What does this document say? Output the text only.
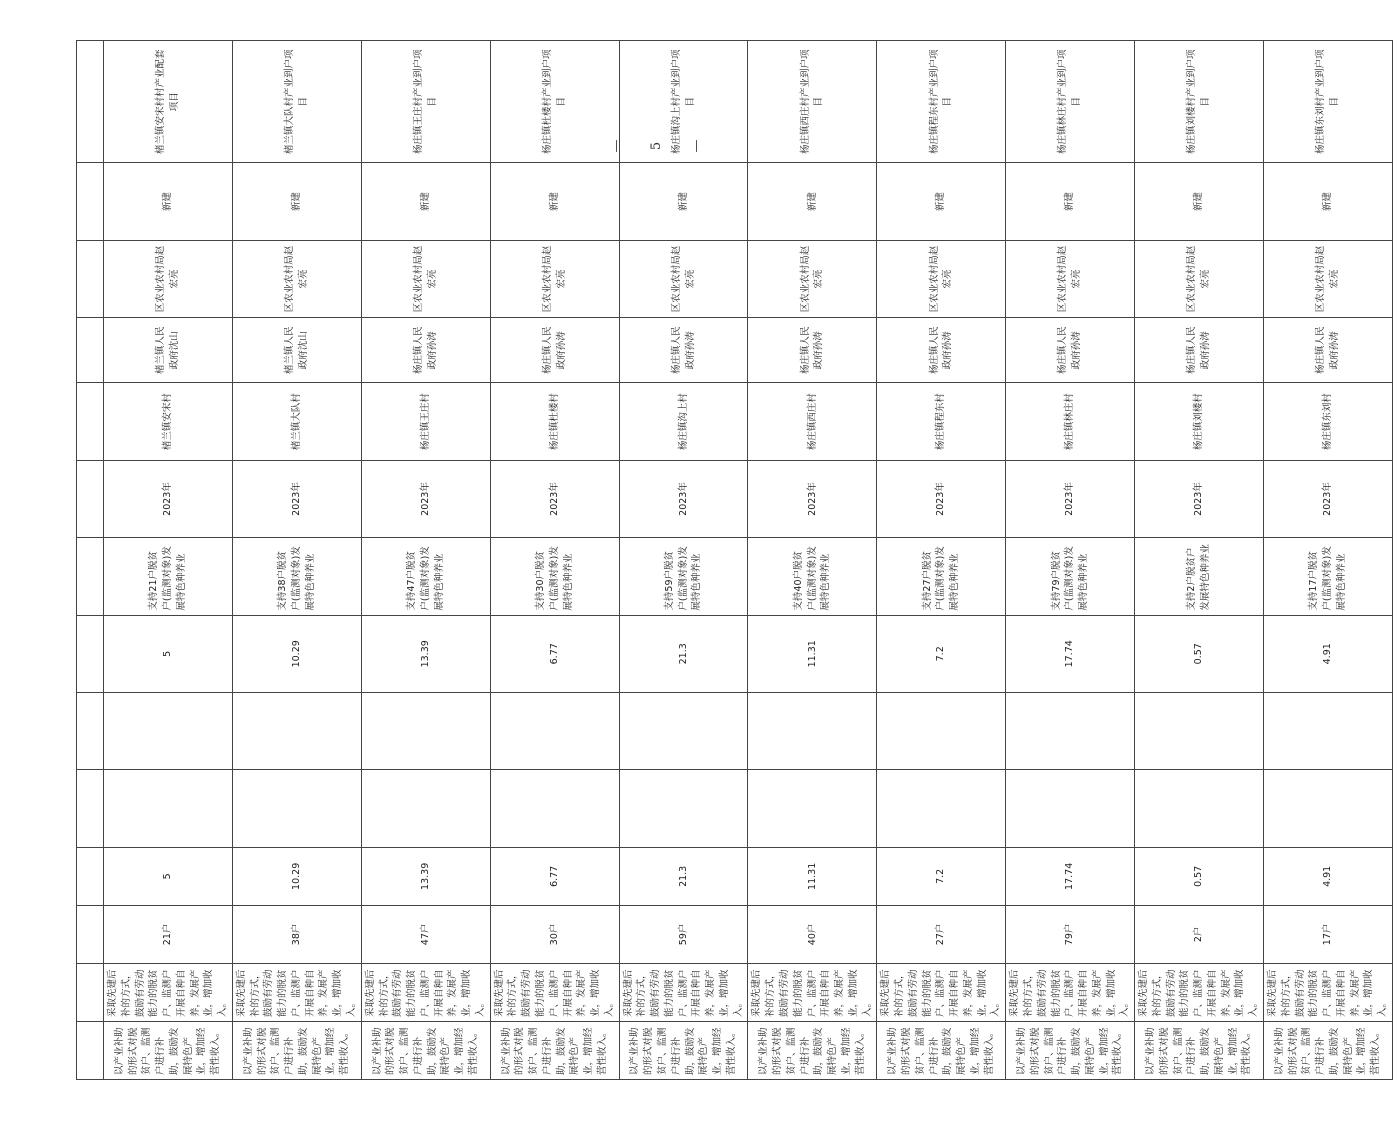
以产业补助的形式对脱贫户、监测户进行补助，鼓励发展特色产业，增加经营性收入。	采取先建后补的方式，鼓励有劳动能力的脱贫户、监测户开展自种自养，发展产业，增加收入。	21户	5			5	支持21户脱贫户(监测对象)发展特色种养业	2023年	楮兰镇安宋村	楮兰镇人民政府沈山	区农业农村局赵宏亮	新建	楮兰镇安宋村村产业配套项目
以产业补助的形式对脱贫户、监测户进行补助，鼓励发展特色产业，增加经营性收入。	采取先建后补的方式，鼓励有劳动能力的脱贫户、监测户开展自种自养，发展产业，增加收入。	38户	10.29			10.29	支持38户脱贫户(监测对象)发展特色种养业	2023年	楮兰镇大队村	楮兰镇人民政府沈山	区农业农村局赵宏亮	新建	楮兰镇大队村产业到户项目
以产业补助的形式对脱贫户、监测户进行补助，鼓励发展特色产业，增加经营性收入。	采取先建后补的方式，鼓励有劳动能力的脱贫户、监测户开展自种自养，发展产业，增加收入。	47户	13.39			13.39	支持47户脱贫户(监测对象)发展特色种养业	2023年	杨庄镇王庄村	杨庄镇人民政府孙涛	区农业农村局赵宏亮	新建	杨庄镇王庄村产业到户项目
以产业补助的形式对脱贫户、监测户进行补助，鼓励发展特色产业，增加经营性收入。	采取先建后补的方式，鼓励有劳动能力的脱贫户、监测户开展自种自养，发展产业，增加收入。	30户	6.77			6.77	支持30户脱贫户(监测对象)发展特色种养业	2023年	杨庄镇杜楼村	杨庄镇人民政府孙涛	区农业农村局赵宏亮	新建	杨庄镇杜楼村产业到户项目
以产业补助的形式对脱贫户、监测户进行补助，鼓励发展特色产业，增加经营性收入。	采取先建后补的方式，鼓励有劳动能力的脱贫户、监测户开展自种自养，发展产业，增加收入。	59户	21.3			21.3	支持59户脱贫户(监测对象)发展特色种养业	2023年	杨庄镇沟上村	杨庄镇人民政府孙涛	区农业农村局赵宏亮	新建	杨庄镇沟上村产业到户项目
以产业补助的形式对脱贫户、监测户进行补助，鼓励发展特色产业，增加经营性收入。	采取先建后补的方式，鼓励有劳动能力的脱贫户、监测户开展自种自养，发展产业，增加收入。	40户	11.31			11.31	支持40户脱贫户(监测对象)发展特色种养业	2023年	杨庄镇西庄村	杨庄镇人民政府孙涛	区农业农村局赵宏亮	新建	杨庄镇西庄村产业到户项目
以产业补助的形式对脱贫户、监测户进行补助，鼓励发展特色产业，增加经营性收入。	采取先建后补的方式，鼓励有劳动能力的脱贫户、监测户开展自种自养，发展产业，增加收入。	27户	7.2			7.2	支持27户脱贫户(监测对象)发展特色种养业	2023年	杨庄镇程东村	杨庄镇人民政府孙涛	区农业农村局赵宏亮	新建	杨庄镇程东村产业到户项目
以产业补助的形式对脱贫户、监测户进行补助，鼓励发展特色产业，增加经营性收入。	采取先建后补的方式，鼓励有劳动能力的脱贫户、监测户开展自种自养，发展产业，增加收入。	79户	17.74			17.74	支持79户脱贫户(监测对象)发展特色种养业	2023年	杨庄镇林庄村	杨庄镇人民政府孙涛	区农业农村局赵宏亮	新建	杨庄镇林庄村产业到户项目
以产业补助的形式对脱贫户、监测户进行补助，鼓励发展特色产业，增加经营性收入。	采取先建后补的方式，鼓励有劳动能力的脱贫户、监测户开展自种自养，发展产业，增加收入。	2户	0.57			0.57	支持2户脱贫户发展特色种养业	2023年	杨庄镇刘楼村	杨庄镇人民政府孙涛	区农业农村局赵宏亮	新建	杨庄镇刘楼村产业到户项目
以产业补助的形式对脱贫户、监测户进行补助，鼓励发展特色产业，增加经营性收入。	采取先建后补的方式，鼓励有劳动能力的脱贫户、监测户开展自种自养，发展产业，增加收入。	17户	4.91			4.91	支持17户脱贫户(监测对象)发展特色种养业	2023年	杨庄镇东刘村	杨庄镇人民政府孙涛	区农业农村局赵宏亮	新建	杨庄镇东刘村产业到户项目
— 5 —
